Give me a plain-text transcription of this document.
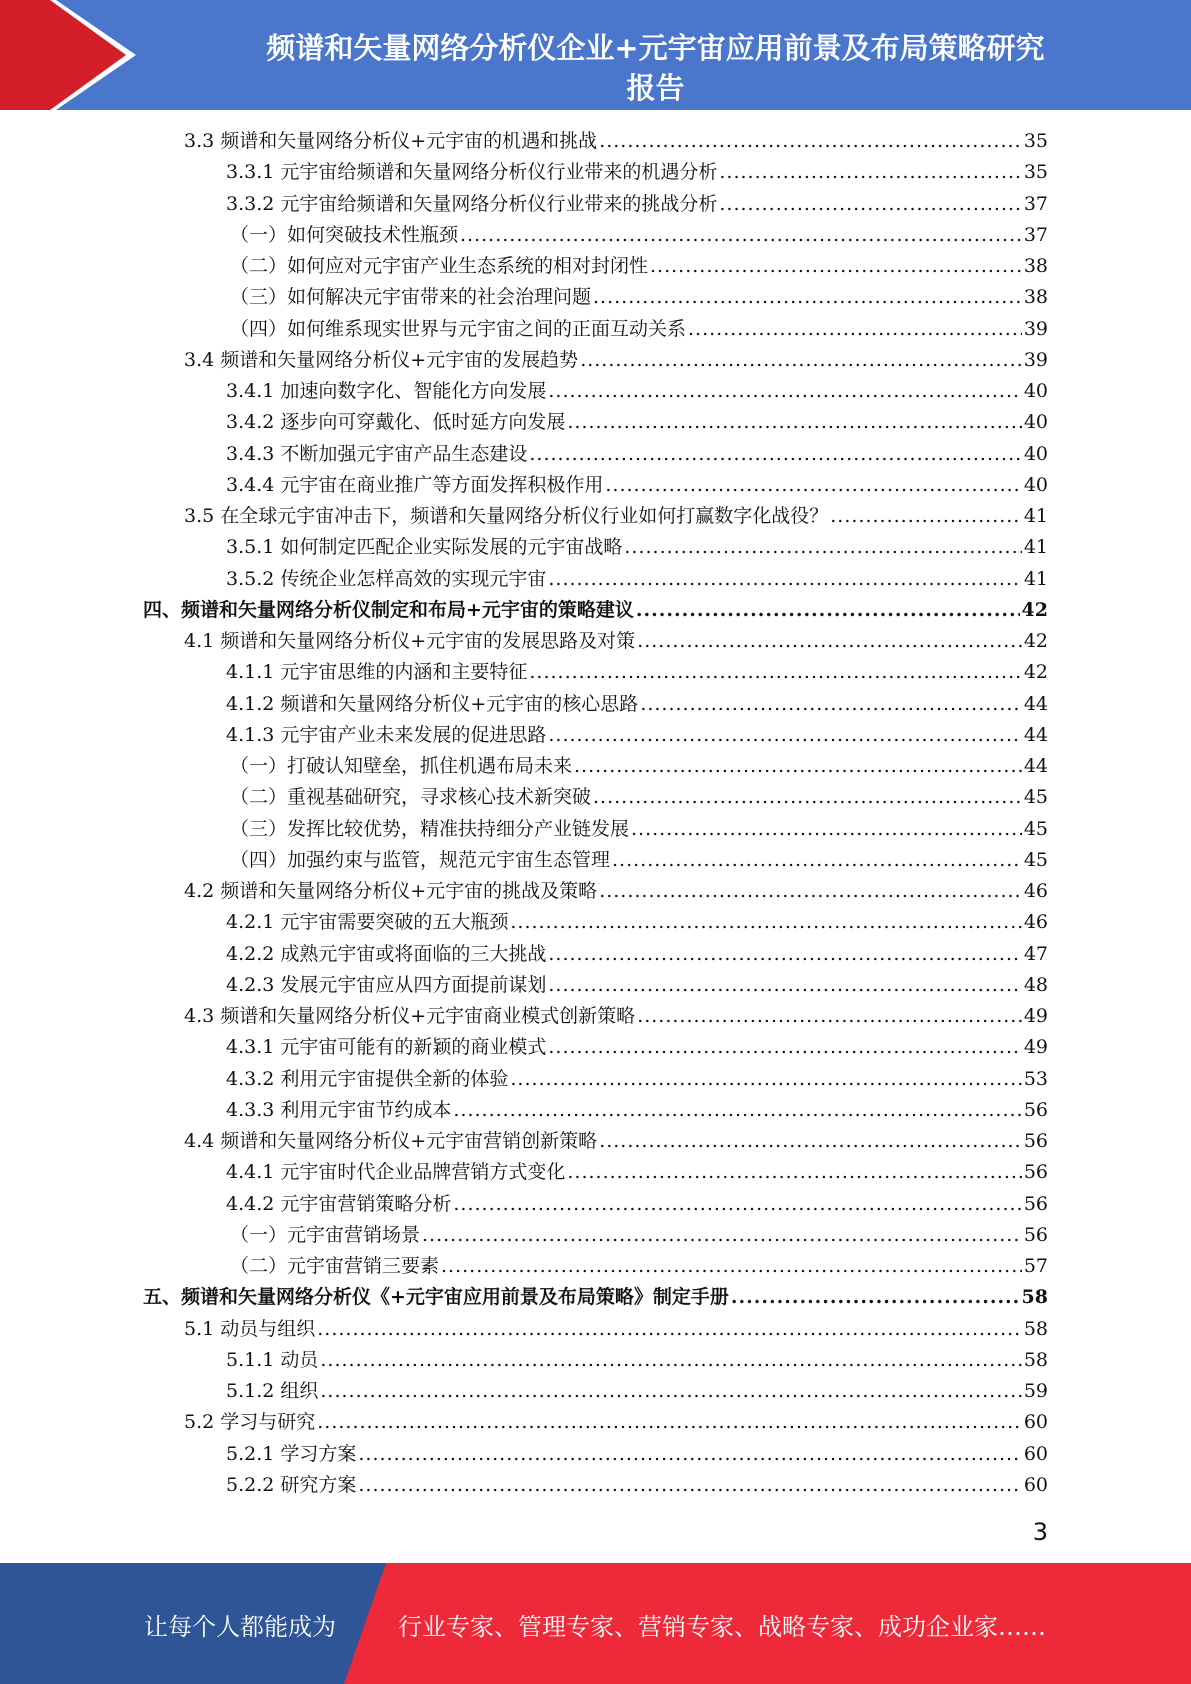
频谱和矢量网络分析仪企业+元宇宙应用前景及布局策略研究
报告
3.3 频谱和矢量网络分析仪+元宇宙的机遇和挑战 .....	35
3.3.1 元宇宙给频谱和矢量网络分析仪行业带来的机遇分析 .....	35
3.3.2 元宇宙给频谱和矢量网络分析仪行业带来的挑战分析 .....	37
（一）如何突破技术性瓶颈 .....	37
（二）如何应对元宇宙产业生态系统的相对封闭性 .....	38
（三）如何解决元宇宙带来的社会治理问题 .....	38
（四）如何维系现实世界与元宇宙之间的正面互动关系 .....	39
3.4 频谱和矢量网络分析仪+元宇宙的发展趋势 .....	39
3.4.1 加速向数字化、智能化方向发展 .....	40
3.4.2 逐步向可穿戴化、低时延方向发展 .....	40
3.4.3 不断加强元宇宙产品生态建设 .....	40
3.4.4 元宇宙在商业推广等方面发挥积极作用 .....	40
3.5 在全球元宇宙冲击下，频谱和矢量网络分析仪行业如何打赢数字化战役？ .....	41
3.5.1 如何制定匹配企业实际发展的元宇宙战略 .....	41
3.5.2 传统企业怎样高效的实现元宇宙 .....	41
四、频谱和矢量网络分析仪制定和布局+元宇宙的策略建议 .....	42
4.1 频谱和矢量网络分析仪+元宇宙的发展思路及对策 .....	42
4.1.1 元宇宙思维的内涵和主要特征 .....	42
4.1.2 频谱和矢量网络分析仪+元宇宙的核心思路 .....	44
4.1.3 元宇宙产业未来发展的促进思路 .....	44
（一）打破认知壁垒，抓住机遇布局未来 .....	44
（二）重视基础研究，寻求核心技术新突破 .....	45
（三）发挥比较优势，精准扶持细分产业链发展 .....	45
（四）加强约束与监管，规范元宇宙生态管理 .....	45
4.2 频谱和矢量网络分析仪+元宇宙的挑战及策略 .....	46
4.2.1 元宇宙需要突破的五大瓶颈 .....	46
4.2.2 成熟元宇宙或将面临的三大挑战 .....	47
4.2.3 发展元宇宙应从四方面提前谋划 .....	48
4.3 频谱和矢量网络分析仪+元宇宙商业模式创新策略 .....	49
4.3.1 元宇宙可能有的新颖的商业模式 .....	49
4.3.2 利用元宇宙提供全新的体验 .....	53
4.3.3 利用元宇宙节约成本 .....	56
4.4 频谱和矢量网络分析仪+元宇宙营销创新策略 .....	56
4.4.1 元宇宙时代企业品牌营销方式变化 .....	56
4.4.2 元宇宙营销策略分析 .....	56
（一）元宇宙营销场景 .....	56
（二）元宇宙营销三要素 .....	57
五、频谱和矢量网络分析仪《+元宇宙应用前景及布局策略》制定手册 .....	58
5.1 动员与组织 .....	58
5.1.1 动员 .....	58
5.1.2 组织 .....	59
5.2 学习与研究 .....	60
5.2.1 学习方案 .....	60
5.2.2 研究方案 .....	60
3
让每个人都能成为	行业专家、管理专家、营销专家、战略专家、成功企业家……
